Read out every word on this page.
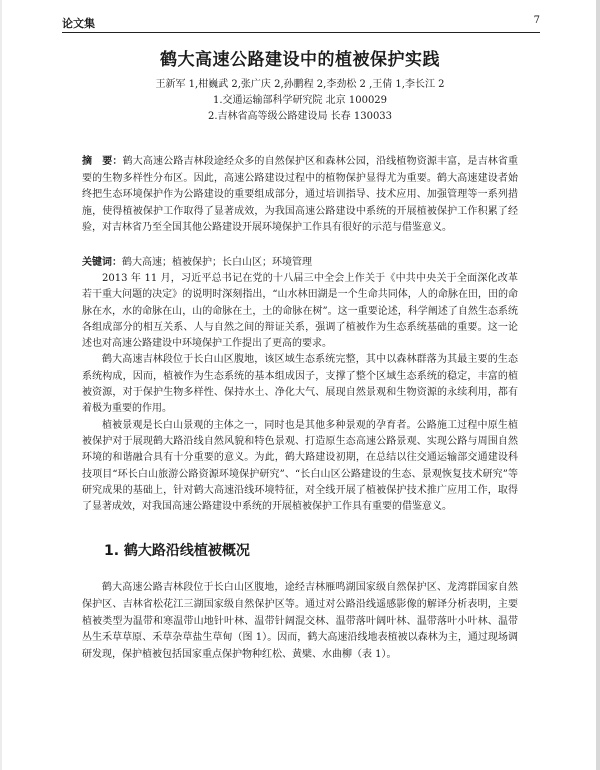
论文集	7
鹤大高速公路建设中的植被保护实践
王新军 1,柑巍武 2,张广庆 2,孙鹏程 2,李劲松 2 ,王倩 1,李长江 2
1.交通运输部科学研究院 北京 100029
2.吉林省高等级公路建设局 长春 130033

摘　要：鹤大高速公路吉林段途经众多的自然保护区和森林公园，沿线植物资源丰富，是吉林省重要的生物多样性分布区。因此，高速公路建设过程中的植物保护显得尤为重要。鹤大高速建设者始终把生态环境保护作为公路建设的重要组成部分，通过培训指导、技术应用、加强管理等一系列措施，使得植被保护工作取得了显著成效，为我国高速公路建设中系统的开展植被保护工作积累了经验，对吉林省乃至全国其他公路建设开展环境保护工作具有很好的示范与借鉴意义。

关键词：鹤大高速；植被保护；长白山区；环境管理

2013 年 11 月，习近平总书记在党的十八届三中全会上作关于《中共中央关于全面深化改革若干重大问题的决定》的说明时深刻指出，“山水林田湖是一个生命共同体，人的命脉在田，田的命脉在水，水的命脉在山，山的命脉在土，土的命脉在树”。这一重要论述，科学阐述了自然生态系统各组成部分的相互关系、人与自然之间的辩证关系，强调了植被作为生态系统基础的重要。这一论述也对高速公路建设中环境保护工作提出了更高的要求。

鹤大高速吉林段位于长白山区腹地，该区域生态系统完整，其中以森林群落为其最主要的生态系统构成，因而，植被作为生态系统的基本组成因子，支撑了整个区域生态系统的稳定，丰富的植被资源，对于保护生物多样性、保持水土、净化大气、展现自然景观和生物资源的永续利用，都有着极为重要的作用。

植被景观是长白山景观的主体之一，同时也是其他多种景观的孕育者。公路施工过程中原生植被保护对于展现鹤大路沿线自然风貌和特色景观、打造原生态高速公路景观、实现公路与周围自然环境的和谐融合具有十分重要的意义。为此，鹤大路建设初期，在总结以往交通运输部交通建设科技项目“环长白山旅游公路资源环境保护研究”、“长白山区公路建设的生态、景观恢复技术研究”等研究成果的基础上，针对鹤大高速沿线环境特征，对全线开展了植被保护技术推广应用工作，取得了显著成效，对我国高速公路建设中系统的开展植被保护工作具有重要的借鉴意义。

1. 鹤大路沿线植被概况

鹤大高速公路吉林段位于长白山区腹地，途经吉林雁鸣湖国家级自然保护区、龙湾群国家自然保护区、吉林省松花江三湖国家级自然保护区等。通过对公路沿线遥感影像的解译分析表明，主要植被类型为温带和寒温带山地针叶林、温带针阔混交林、温带落叶阔叶林、温带落叶小叶林、温带丛生禾草草原、禾草杂草盐生草甸（图 1）。因而，鹤大高速沿线地表植被以森林为主，通过现场调研发现，保护植被包括国家重点保护物种红松、黄檗、水曲柳（表 1）。
